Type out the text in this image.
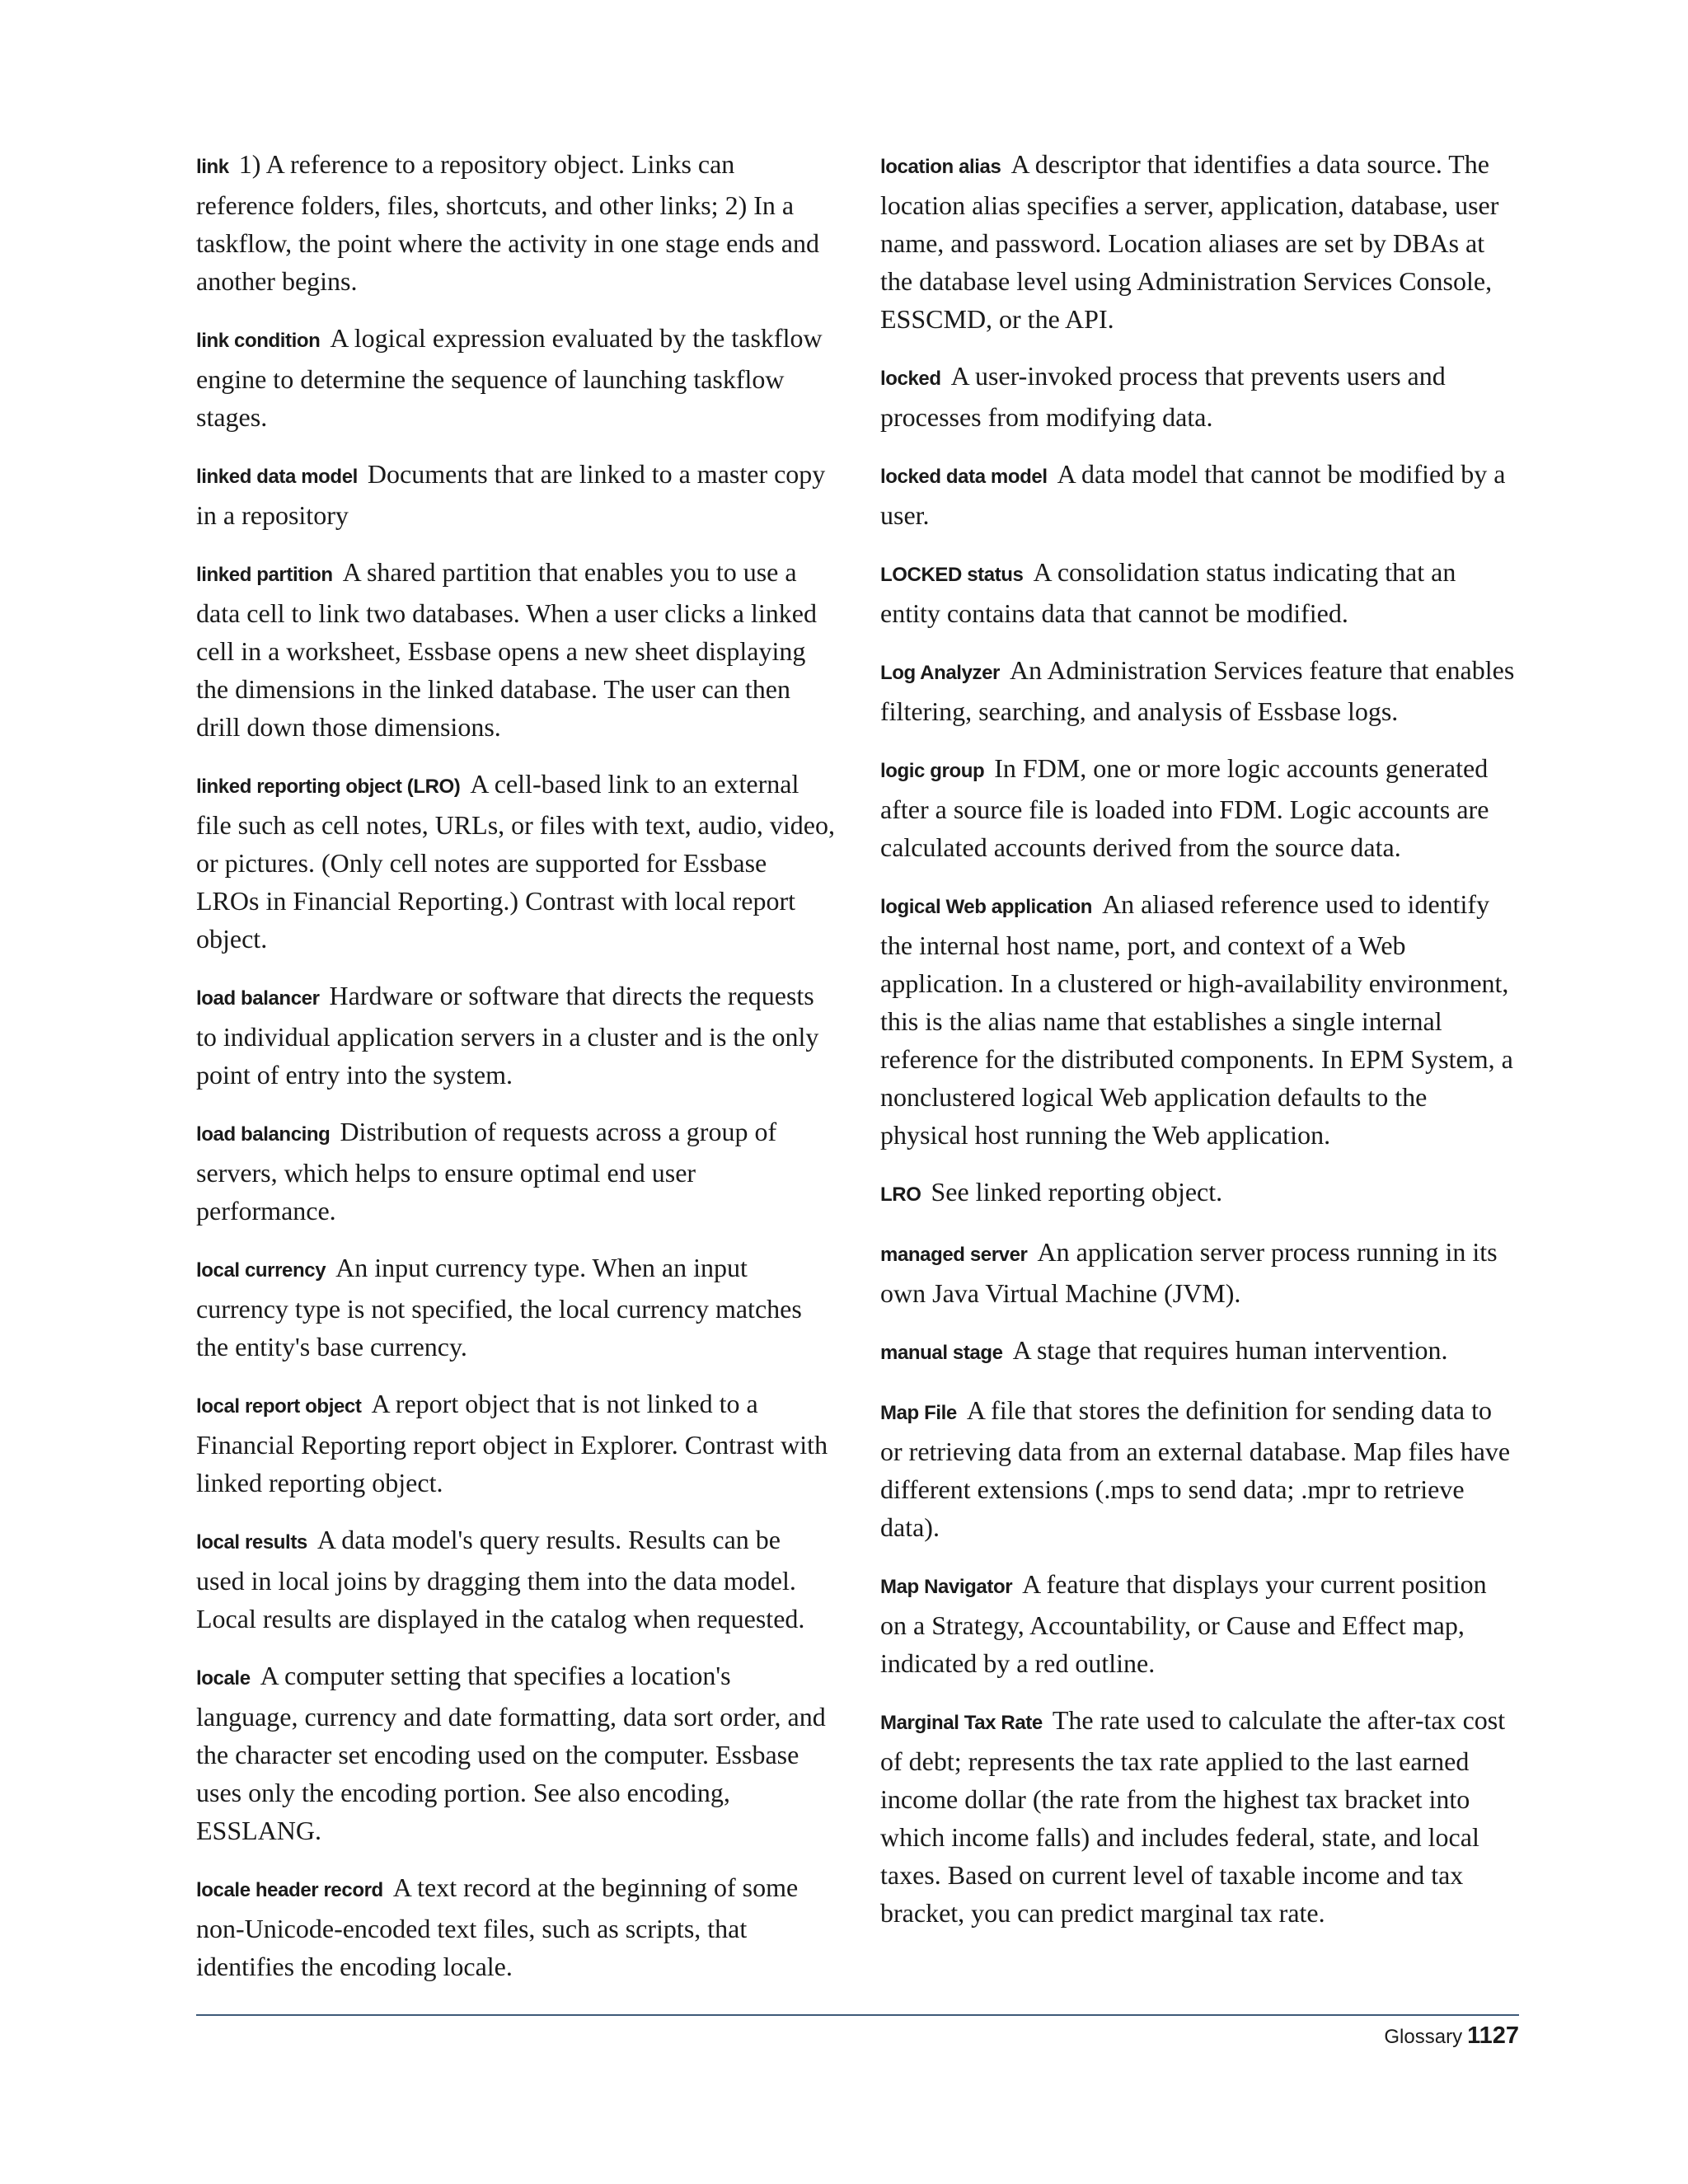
link 1) A reference to a repository object. Links can reference folders, files, shortcuts, and other links; 2) In a taskflow, the point where the activity in one stage ends and another begins.

link condition A logical expression evaluated by the taskflow engine to determine the sequence of launching taskflow stages.

linked data model Documents that are linked to a master copy in a repository

linked partition A shared partition that enables you to use a data cell to link two databases. When a user clicks a linked cell in a worksheet, Essbase opens a new sheet displaying the dimensions in the linked database. The user can then drill down those dimensions.

linked reporting object (LRO) A cell-based link to an external file such as cell notes, URLs, or files with text, audio, video, or pictures. (Only cell notes are supported for Essbase LROs in Financial Reporting.) Contrast with local report object.

load balancer Hardware or software that directs the requests to individual application servers in a cluster and is the only point of entry into the system.

load balancing Distribution of requests across a group of servers, which helps to ensure optimal end user performance.

local currency An input currency type. When an input currency type is not specified, the local currency matches the entity's base currency.

local report object A report object that is not linked to a Financial Reporting report object in Explorer. Contrast with linked reporting object.

local results A data model's query results. Results can be used in local joins by dragging them into the data model. Local results are displayed in the catalog when requested.

locale A computer setting that specifies a location's language, currency and date formatting, data sort order, and the character set encoding used on the computer. Essbase uses only the encoding portion. See also encoding, ESSLANG.

locale header record A text record at the beginning of some non-Unicode-encoded text files, such as scripts, that identifies the encoding locale.

location alias A descriptor that identifies a data source. The location alias specifies a server, application, database, user name, and password. Location aliases are set by DBAs at the database level using Administration Services Console, ESSCMD, or the API.

locked A user-invoked process that prevents users and processes from modifying data.

locked data model A data model that cannot be modified by a user.

LOCKED status A consolidation status indicating that an entity contains data that cannot be modified.

Log Analyzer An Administration Services feature that enables filtering, searching, and analysis of Essbase logs.

logic group In FDM, one or more logic accounts generated after a source file is loaded into FDM. Logic accounts are calculated accounts derived from the source data.

logical Web application An aliased reference used to identify the internal host name, port, and context of a Web application. In a clustered or high-availability environment, this is the alias name that establishes a single internal reference for the distributed components. In EPM System, a nonclustered logical Web application defaults to the physical host running the Web application.

LRO See linked reporting object.

managed server An application server process running in its own Java Virtual Machine (JVM).

manual stage A stage that requires human intervention.

Map File A file that stores the definition for sending data to or retrieving data from an external database. Map files have different extensions (.mps to send data; .mpr to retrieve data).

Map Navigator A feature that displays your current position on a Strategy, Accountability, or Cause and Effect map, indicated by a red outline.

Marginal Tax Rate The rate used to calculate the after-tax cost of debt; represents the tax rate applied to the last earned income dollar (the rate from the highest tax bracket into which income falls) and includes federal, state, and local taxes. Based on current level of taxable income and tax bracket, you can predict marginal tax rate.

Glossary 1127
